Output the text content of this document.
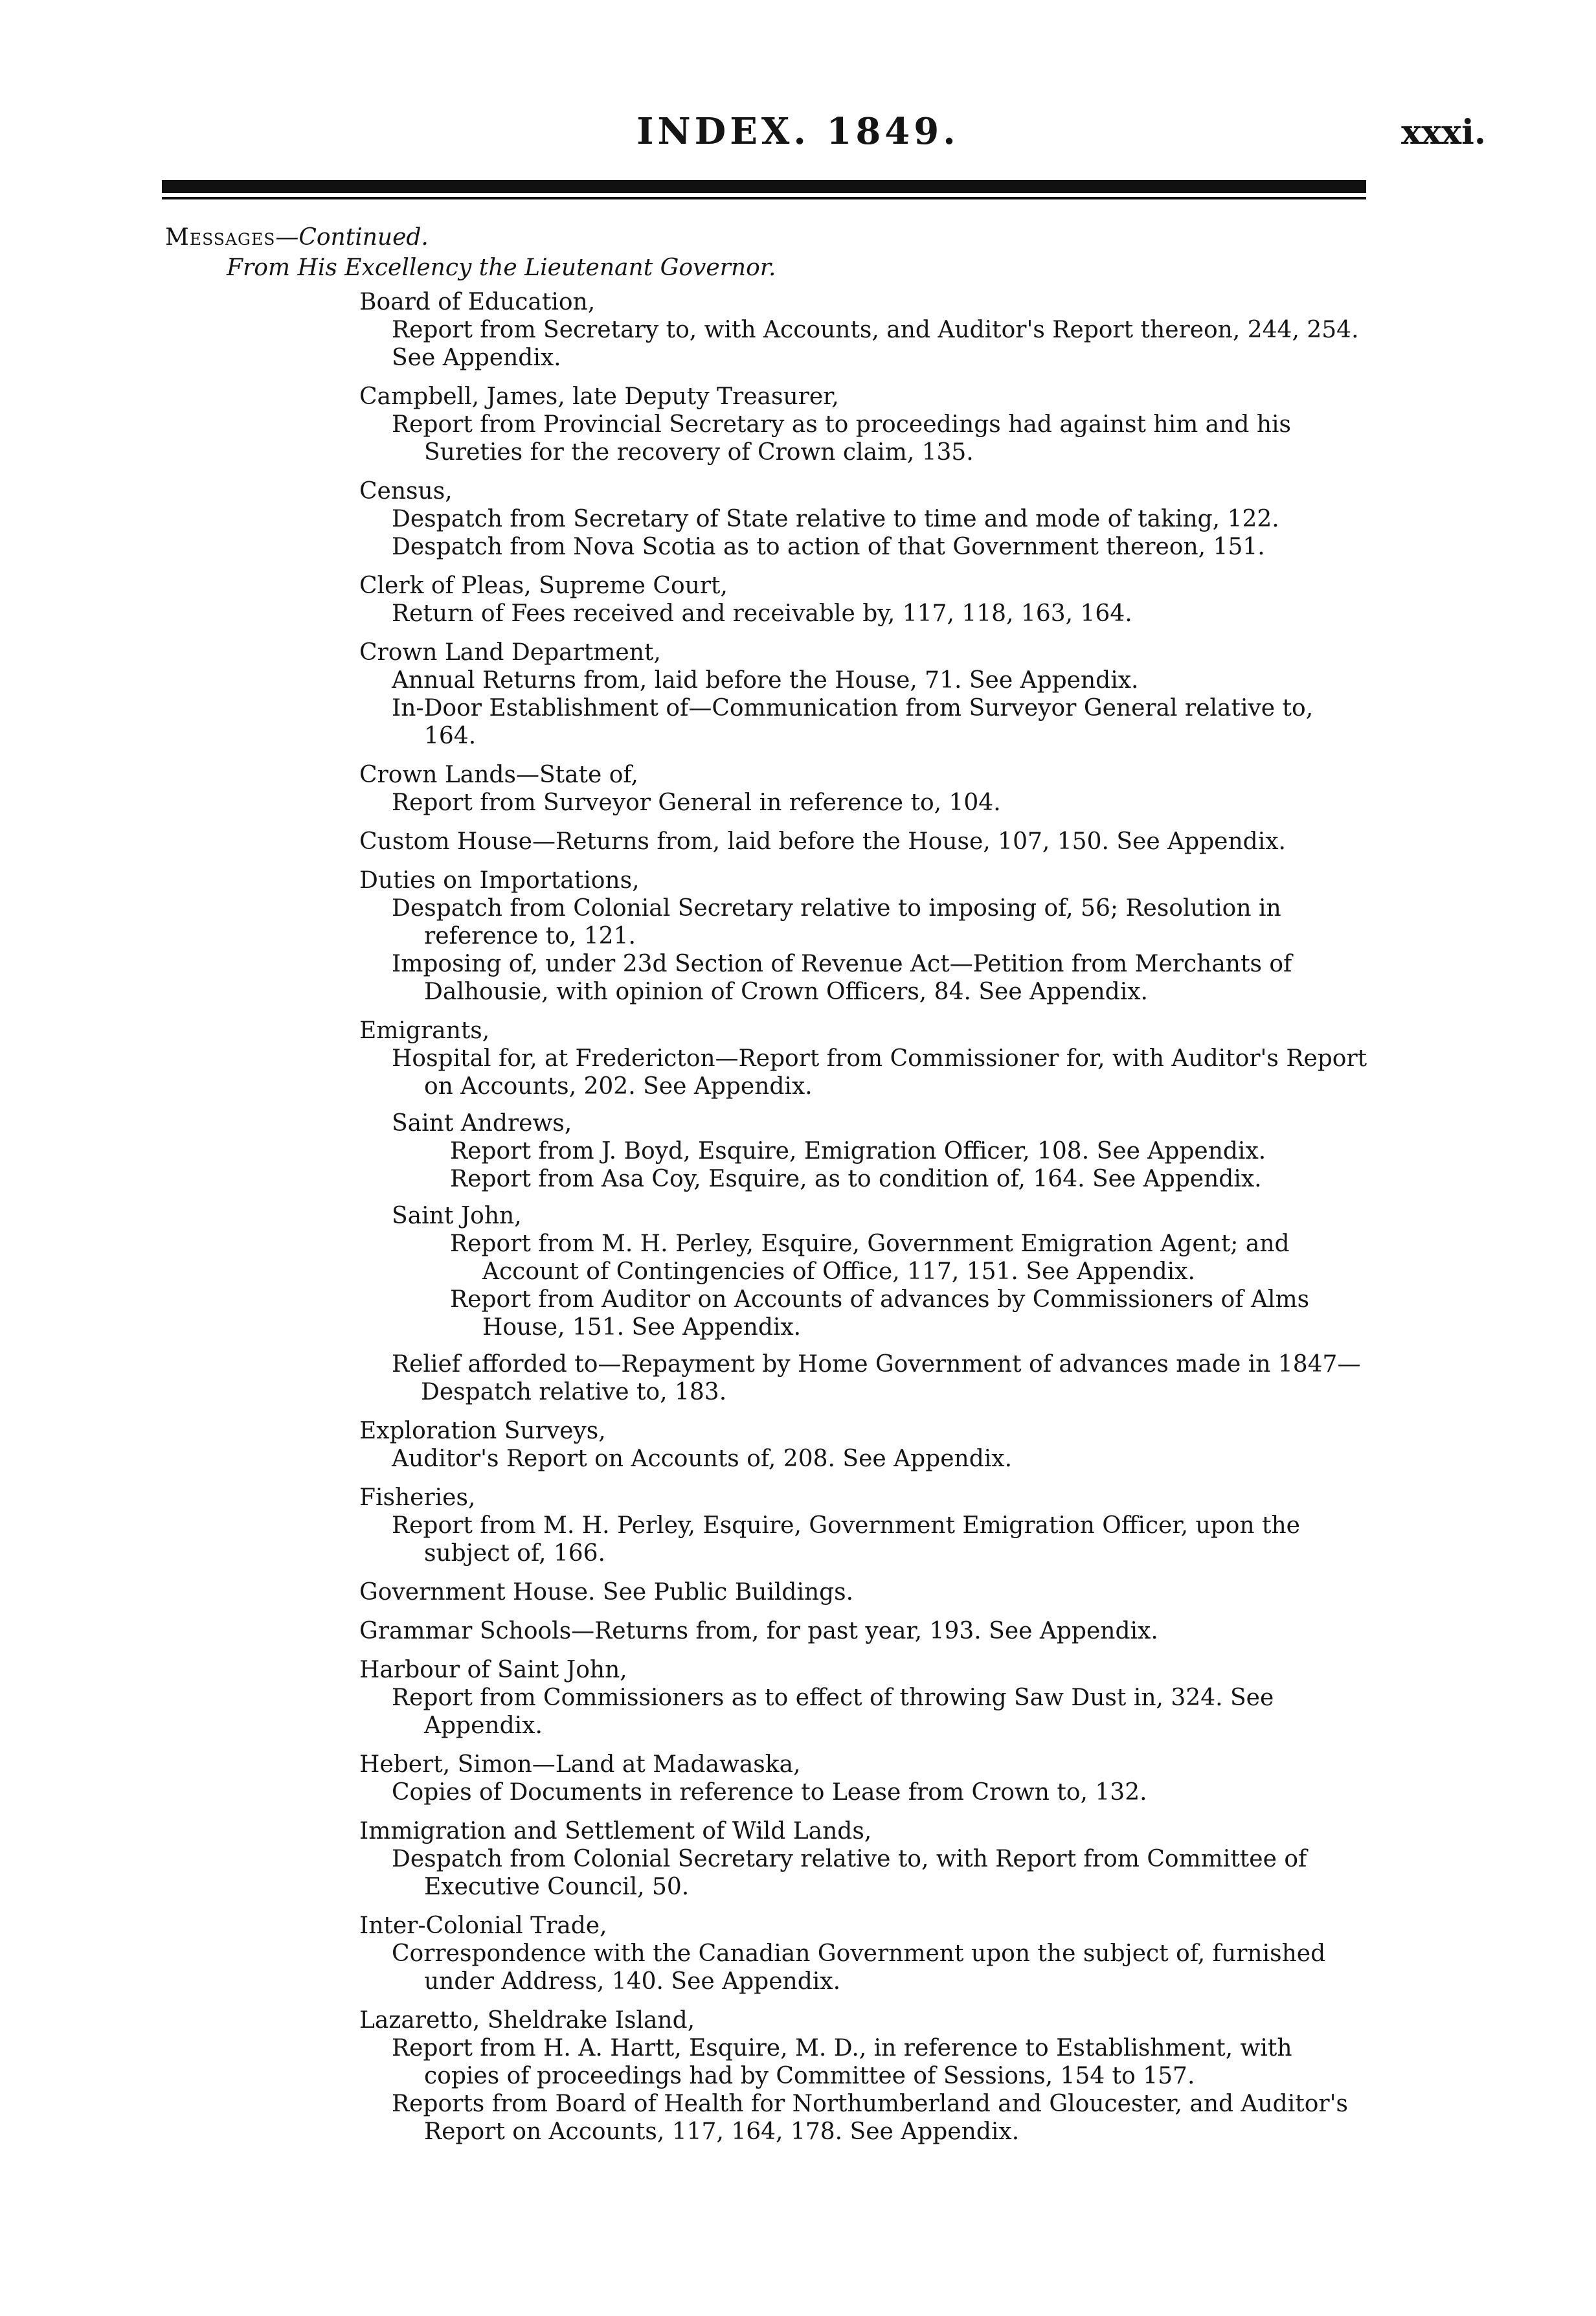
INDEX. 1849.	xxxi.
Messages—Continued.
From His Excellency the Lieutenant Governor.
Board of Education,
Report from Secretary to, with Accounts, and Auditor's Report thereon, 244, 254.
See Appendix.
Campbell, James, late Deputy Treasurer,
Report from Provincial Secretary as to proceedings had against him and his Sureties for the recovery of Crown claim, 135.
Census,
Despatch from Secretary of State relative to time and mode of taking, 122.
Despatch from Nova Scotia as to action of that Government thereon, 151.
Clerk of Pleas, Supreme Court,
Return of Fees received and receivable by, 117, 118, 163, 164.
Crown Land Department,
Annual Returns from, laid before the House, 71. See Appendix.
In-Door Establishment of—Communication from Surveyor General relative to, 164.
Crown Lands—State of,
Report from Surveyor General in reference to, 104.
Custom House—Returns from, laid before the House, 107, 150. See Appendix.
Duties on Importations,
Despatch from Colonial Secretary relative to imposing of, 56; Resolution in reference to, 121.
Imposing of, under 23d Section of Revenue Act—Petition from Merchants of Dalhousie, with opinion of Crown Officers, 84. See Appendix.
Emigrants,
Hospital for, at Fredericton—Report from Commissioner for, with Auditor's Report on Accounts, 202. See Appendix.
Saint Andrews,
Report from J. Boyd, Esquire, Emigration Officer, 108. See Appendix.
Report from Asa Coy, Esquire, as to condition of, 164. See Appendix.
Saint John,
Report from M. H. Perley, Esquire, Government Emigration Agent; and Account of Contingencies of Office, 117, 151. See Appendix.
Report from Auditor on Accounts of advances by Commissioners of Alms House, 151. See Appendix.
Relief afforded to—Repayment by Home Government of advances made in 1847—Despatch relative to, 183.
Exploration Surveys,
Auditor's Report on Accounts of, 208. See Appendix.
Fisheries,
Report from M. H. Perley, Esquire, Government Emigration Officer, upon the subject of, 166.
Government House. See Public Buildings.
Grammar Schools—Returns from, for past year, 193. See Appendix.
Harbour of Saint John,
Report from Commissioners as to effect of throwing Saw Dust in, 324. See Appendix.
Hebert, Simon—Land at Madawaska,
Copies of Documents in reference to Lease from Crown to, 132.
Immigration and Settlement of Wild Lands,
Despatch from Colonial Secretary relative to, with Report from Committee of Executive Council, 50.
Inter-Colonial Trade,
Correspondence with the Canadian Government upon the subject of, furnished under Address, 140. See Appendix.
Lazaretto, Sheldrake Island,
Report from H. A. Hartt, Esquire, M. D., in reference to Establishment, with copies of proceedings had by Committee of Sessions, 154 to 157.
Reports from Board of Health for Northumberland and Gloucester, and Auditor's Report on Accounts, 117, 164, 178. See Appendix.
